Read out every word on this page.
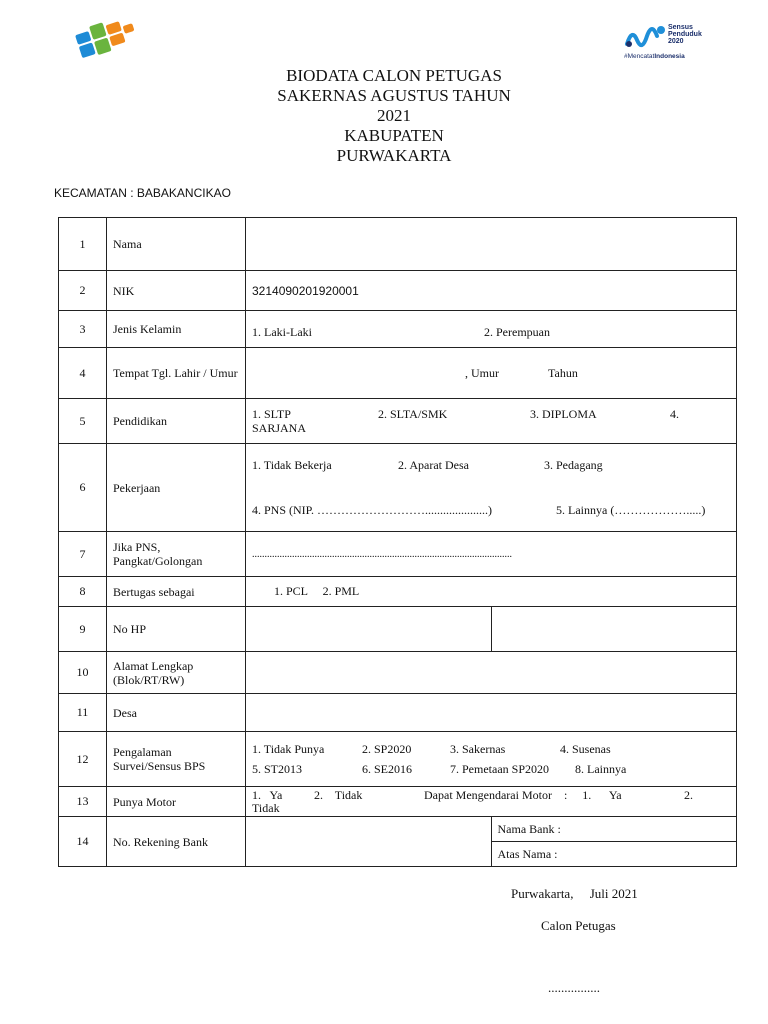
Sensus
Penduduk
2020
#MencatatIndonesia
BIODATA CALON PETUGAS
SAKERNAS AGUSTUS TAHUN
2021
KABUPATEN
PURWAKARTA
KECAMATAN : BABAKANCIKAO
1	Nama		
2	NIK	3214090201920001	
3	Jenis Kelamin	1. Laki-Laki 2. Perempuan	
4	Tempat Tgl. Lahir / Umur	, Umur Tahun	
5	Pendidikan	1. SLTP 2. SLTA/SMK 3. DIPLOMA 4.
SARJANA	
6	Pekerjaan	1. Tidak Bekerja 2. Aparat Desa 3. Pedagang
4. PNS (NIP. ……………………….....................) 5. Lainnya (……………….....)	

7	Jika PNS, Pangkat/Golongan	........................................................................................................	
8	Bertugas sebagai	1. PCL     2. PML	
9	No HP		
10	Alamat Lengkap (Blok/RT/RW)		
11	Desa		
12	Pengalaman Survei/Sensus BPS	1. Tidak Punya 2. SP2020 3. Sakernas 4. Susenas
5. ST2013 6. SE2016 7. Pemetaan SP2020 8. Lainnya	

13	Punya Motor	1.   Ya 2.    Tidak Dapat Mengendarai Motor    :     1.      Ya 2.
Tidak	
14	No. Rekening Bank		Nama Bank :
			Atas Nama :
Purwakarta,     Juli 2021
Calon Petugas
................
